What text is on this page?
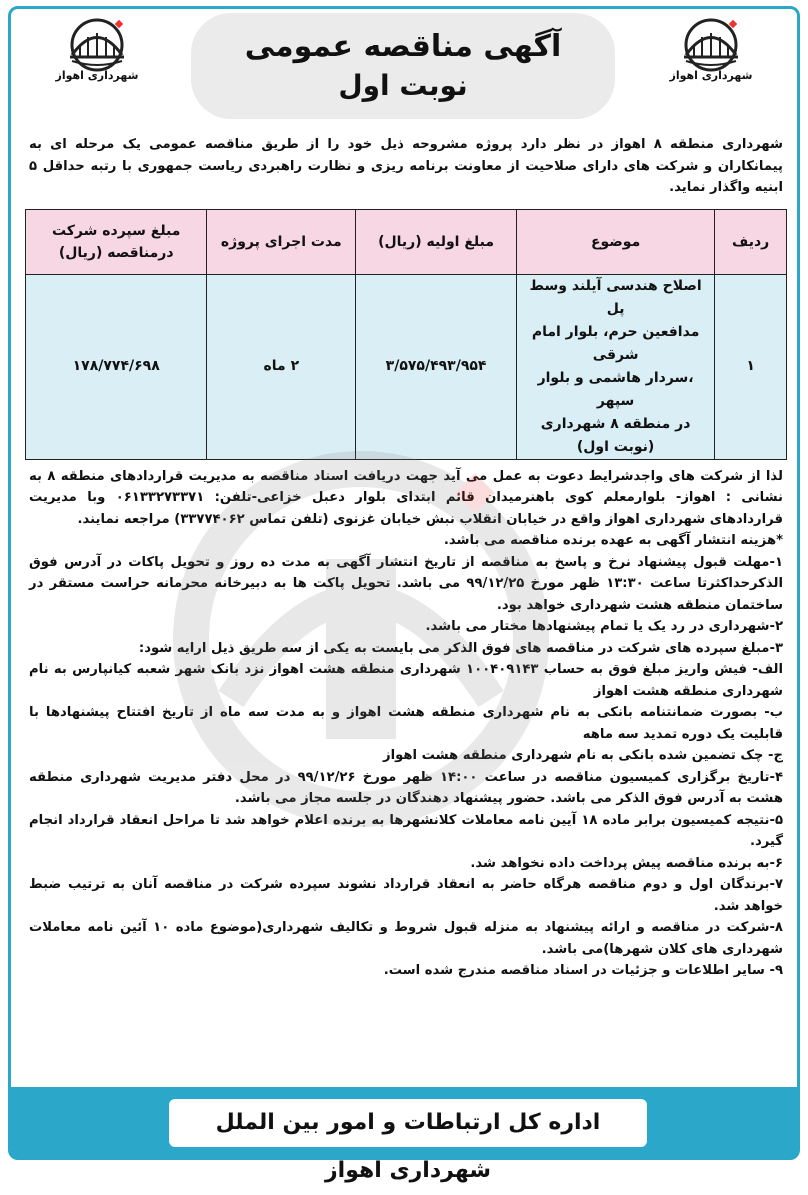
شهرداری اهواز
آگهی مناقصه عمومی
نوبت اول	شهرداری اهواز
شهرداری منطقه ۸ اهواز در نظر دارد پروژه مشروحه ذیل خود را از طریق مناقصه عمومی یک مرحله ای به پیمانکاران و شرکت های دارای صلاحیت از معاونت برنامه ریزی و نظارت راهبردی ریاست جمهوری با رتبه حداقل ۵ ابنیه واگذار نماید.
ردیف	موضوع	مبلغ اولیه (ریال)	مدت اجرای پروژه	مبلغ سپرده شرکت
درمناقصه (ریال)
۱	اصلاح هندسی آیلند وسط پل
مدافعین حرم، بلوار امام شرقی
،سردار هاشمی و بلوار سپهر
در منطقه ۸ شهرداری (نوبت اول)	۳/۵۷۵/۴۹۳/۹۵۴	۲ ماه	۱۷۸/۷۷۴/۶۹۸

لذا از شرکت های واجدشرایط دعوت به عمل می آید جهت دریافت اسناد مناقصه به مدیریت قراردادهای منطقه ۸ به نشانی : اهواز- بلوارمعلم کوی باهنرمیدان قائم ابتدای بلوار دعبل خزاعی-تلفن: ۰۶۱۳۳۲۷۳۳۷۱ وبا مدیریت قراردادهای شهرداری اهواز واقع در خیابان انقلاب نبش خیابان غزنوی (تلفن تماس ۳۳۷۷۴۰۶۲) مراجعه نمایند.

*هزینه انتشار آگهی به عهده برنده مناقصه می باشد.

۱-مهلت قبول پیشنهاد نرخ و پاسخ به مناقصه از تاریخ انتشار آگهی به مدت ده روز و تحویل پاکات در آدرس فوق الذکرحداکثرتا ساعت ۱۳:۳۰ ظهر مورخ ۹۹/۱۲/۲۵ می باشد. تحویل پاکت ها به دبیرخانه محرمانه حراست مستقر در ساختمان منطقه هشت شهرداری خواهد بود.

۲-شهرداری در رد یک یا تمام پیشنهادها مختار می باشد.

۳-مبلغ سپرده های شرکت در مناقصه های فوق الذکر می بایست به یکی از سه طریق ذیل ارایه شود:

الف- فیش واریز مبلغ فوق به حساب ۱۰۰۴۰۹۱۴۳ شهرداری منطقه هشت اهواز نزد بانک شهر شعبه کیانپارس به نام شهرداری منطقه هشت اهواز

ب- بصورت ضمانتنامه بانکی به نام شهرداری منطقه هشت اهواز و به مدت سه ماه از تاریخ افتتاح پیشنهادها با قابلیت یک دوره تمدید سه ماهه

ج- چک تضمین شده بانکی به نام شهرداری منطقه هشت اهواز

۴-تاریخ برگزاری کمیسیون مناقصه در ساعت ۱۴:۰۰ ظهر مورخ ۹۹/۱۲/۲۶ در محل دفتر مدیریت شهرداری منطقه هشت به آدرس فوق الذکر می باشد. حضور پیشنهاد دهندگان در جلسه مجاز می باشد.

۵-نتیجه کمیسیون برابر ماده ۱۸ آیین نامه معاملات کلانشهرها به برنده اعلام خواهد شد تا مراحل انعقاد قرارداد انجام گیرد.

۶-به برنده مناقصه پیش پرداخت داده نخواهد شد.

۷-برندگان اول و دوم مناقصه هرگاه حاضر به انعقاد قرارداد نشوند سپرده شرکت در مناقصه آنان به ترتیب ضبط خواهد شد.

۸-شرکت در مناقصه و ارائه پیشنهاد به منزله قبول شروط و تکالیف شهرداری(موضوع ماده ۱۰ آئین نامه معاملات شهرداری های کلان شهرها)می باشد.

۹- سایر اطلاعات و جزئیات در اسناد مناقصه مندرج شده است.

اداره کل ارتباطات و امور بین الملل شهرداری اهواز
